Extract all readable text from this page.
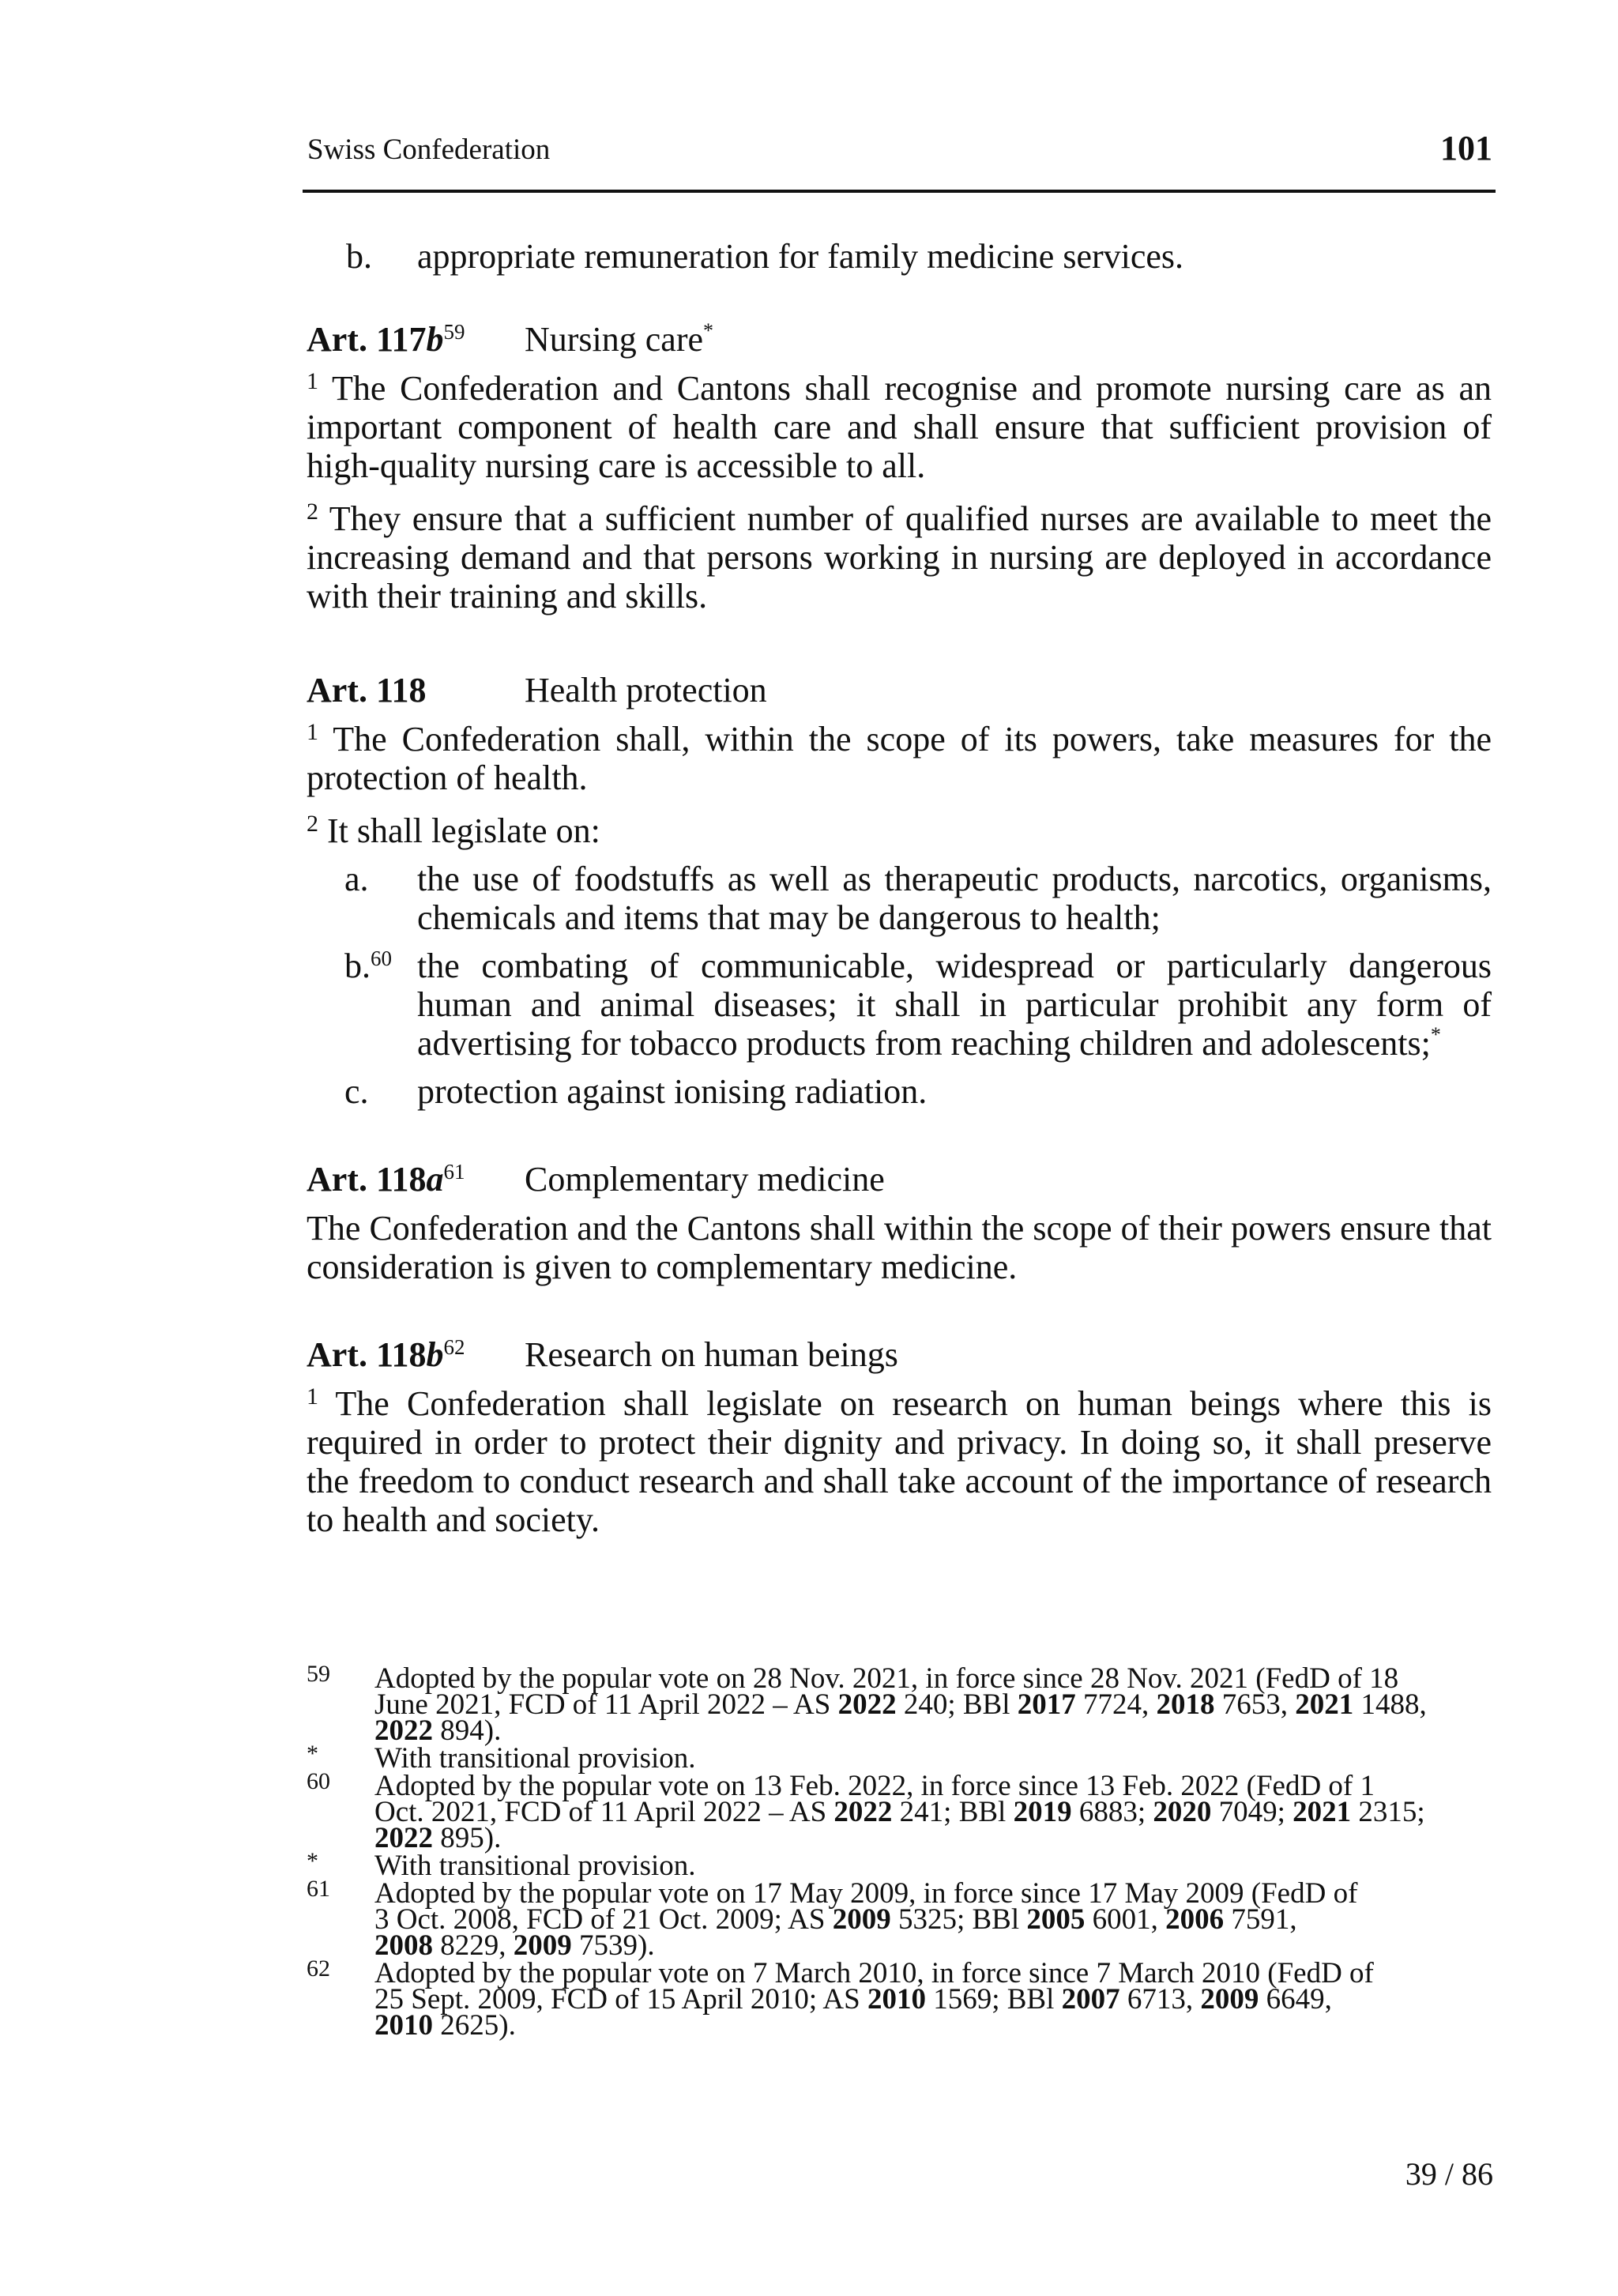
Swiss Confederation	101
b.	appropriate remuneration for family medicine services.
Art. $117b^{59}$ Nursing care*
$^1$ The Confederation and Cantons shall recognise and promote nursing care as an important component of health care and shall ensure that sufficient provision of high-quality nursing care is accessible to all.
$^2$ They ensure that a sufficient number of qualified nurses are available to meet the increasing demand and that persons working in nursing are deployed in accordance with their training and skills.
Art. 118	Health protection
$^1$ The Confederation shall, within the scope of its powers, take measures for the protection of health.
$^2$ It shall legislate on:
a.	the use of foodstuffs as well as therapeutic products, narcotics, organisms, chemicals and items that may be dangerous to health;
b.$^{60}$ the combating of communicable, widespread or particularly dangerous human and animal diseases; it shall in particular prohibit any form of advertising for tobacco products from reaching children and adolescents;*
c.	protection against ionising radiation.
Art. $118a^{61}$ Complementary medicine
The Confederation and the Cantons shall within the scope of their powers ensure that consideration is given to complementary medicine.
Art. $118b^{62}$ Research on human beings
$^1$ The Confederation shall legislate on research on human beings where this is required in order to protect their dignity and privacy. In doing so, it shall preserve the freedom to conduct research and shall take account of the importance of research to health and society.
59 Adopted by the popular vote on 28 Nov. 2021, in force since 28 Nov. 2021 (FedD of 18
June 2021, FCD of 11 April 2022 – AS 2022 240; BBl 2017 7724, 2018 7653, 2021 1488,
2022 894).
* With transitional provision.
60 Adopted by the popular vote on 13 Feb. 2022, in force since 13 Feb. 2022 (FedD of 1
Oct. 2021, FCD of 11 April 2022 – AS 2022 241; BBl 2019 6883; 2020 7049; 2021 2315;
2022 895).
* With transitional provision.
61 Adopted by the popular vote on 17 May 2009, in force since 17 May 2009 (FedD of
3 Oct. 2008, FCD of 21 Oct. 2009; AS 2009 5325; BBl 2005 6001, 2006 7591,
2008 8229, 2009 7539).
62 Adopted by the popular vote on 7 March 2010, in force since 7 March 2010 (FedD of
25 Sept. 2009, FCD of 15 April 2010; AS 2010 1569; BBl 2007 6713, 2009 6649,
2010 2625).
39 / 86
